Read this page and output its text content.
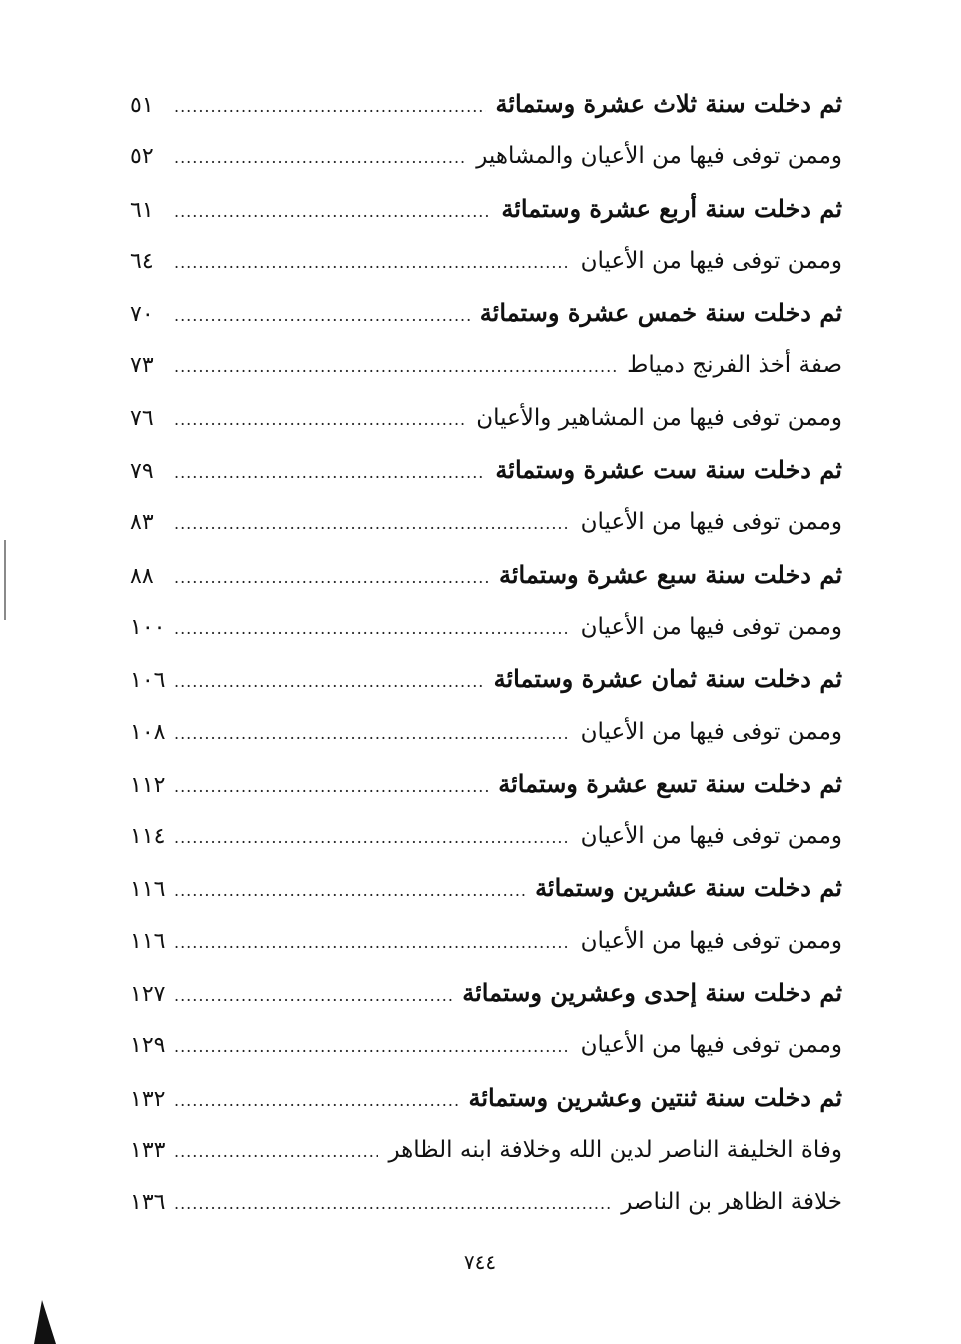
ثم دخلت سنة ثلاث عشرة وستمائة
.....
٥١
وممن توفى فيها من الأعيان والمشاهير
.....
٥٢
ثم دخلت سنة أربع عشرة وستمائة
.....
٦١
وممن توفى فيها من الأعيان
.....
٦٤
ثم دخلت سنة خمس عشرة وستمائة
.....
٧٠
صفة أخذ الفرنج دمياط
.....
٧٣
وممن توفى فيها من المشاهير والأعيان
.....
٧٦
ثم دخلت سنة ست عشرة وستمائة
.....
٧٩
وممن توفى فيها من الأعيان
.....
٨٣
ثم دخلت سنة سبع عشرة وستمائة
.....
٨٨
وممن توفى فيها من الأعيان
.....
١٠٠
ثم دخلت سنة ثمان عشرة وستمائة
.....
١٠٦
وممن توفى فيها من الأعيان
.....
١٠٨
ثم دخلت سنة تسع عشرة وستمائة
.....
١١٢
وممن توفى فيها من الأعيان
.....
١١٤
ثم دخلت سنة عشرين وستمائة
.....
١١٦
وممن توفى فيها من الأعيان
.....
١١٦
ثم دخلت سنة إحدى وعشرين وستمائة
.....
١٢٧
وممن توفى فيها من الأعيان
.....
١٢٩
ثم دخلت سنة ثنتين وعشرين وستمائة
.....
١٣٢
وفاة الخليفة الناصر لدين الله وخلافة ابنه الظاهر
.....
١٣٣
خلافة الظاهر بن الناصر
.....
١٣٦
٧٤٤
